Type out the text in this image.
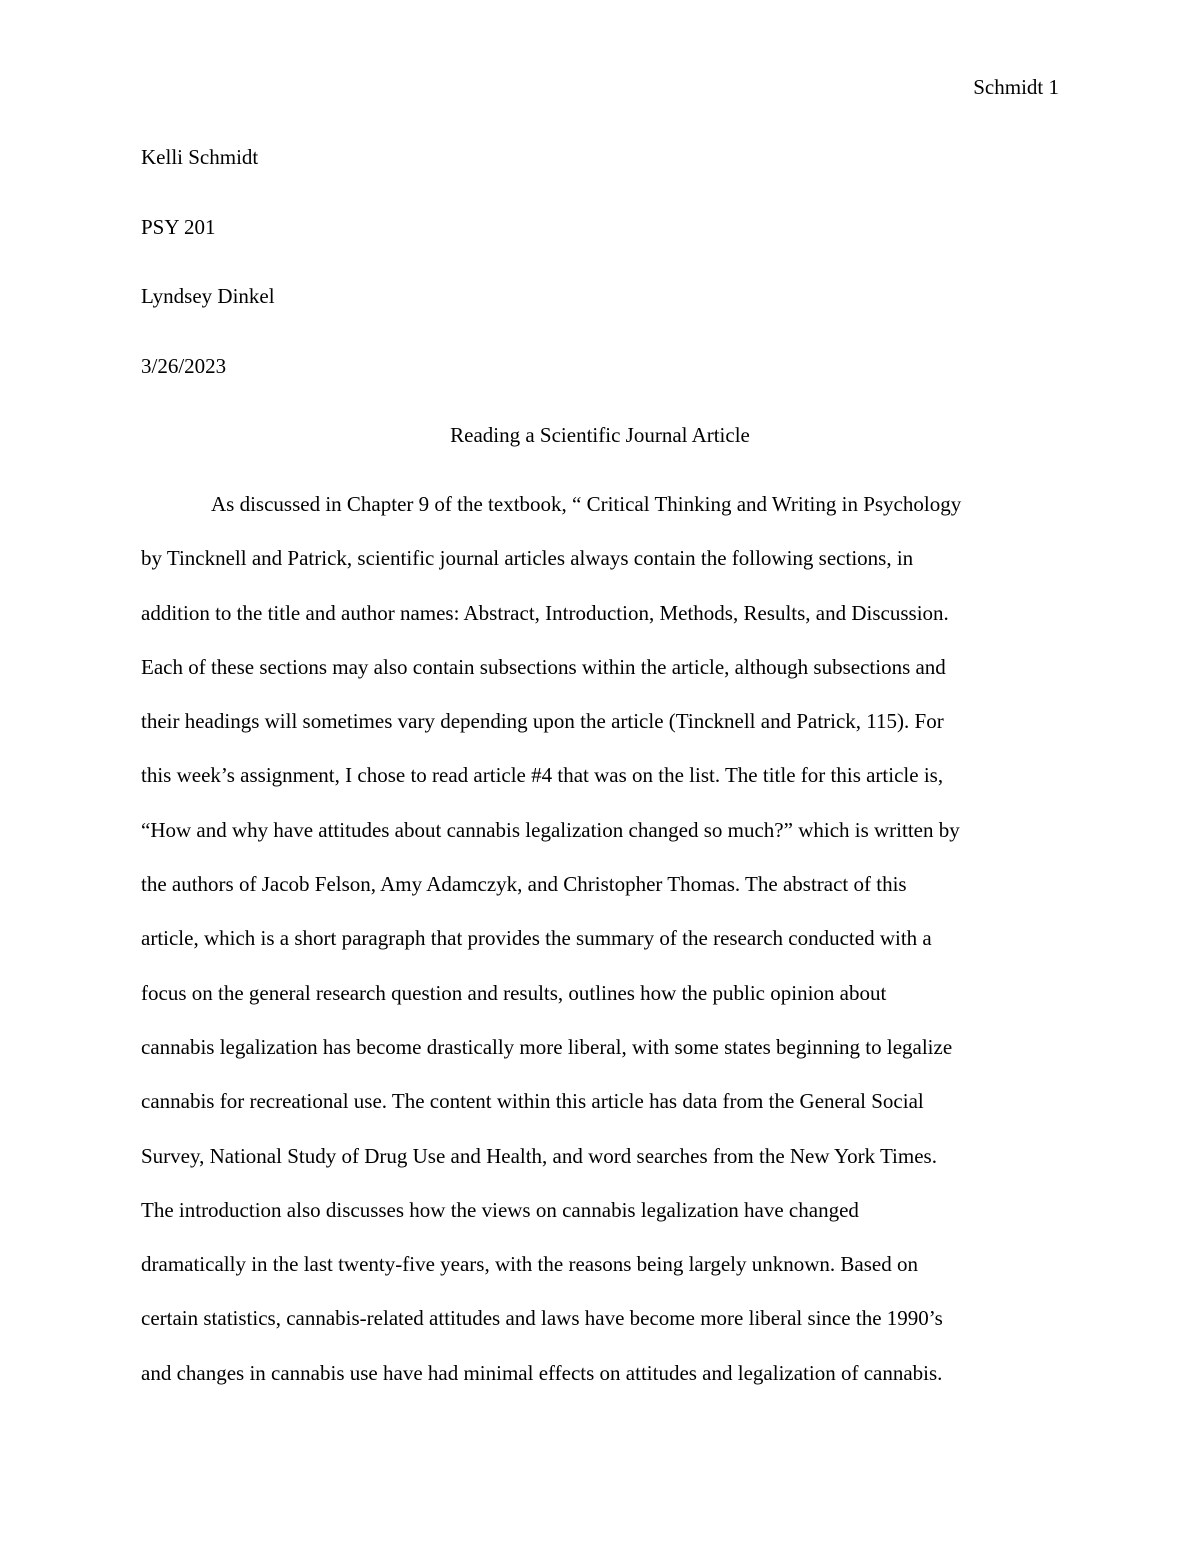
Schmidt 1
Kelli Schmidt
PSY 201
Lyndsey Dinkel
3/26/2023
Reading a Scientific Journal Article
As discussed in Chapter 9 of the textbook, “ Critical Thinking and Writing in Psychology
by Tincknell and Patrick, scientific journal articles always contain the following sections, in
addition to the title and author names: Abstract, Introduction, Methods, Results, and Discussion.
Each of these sections may also contain subsections within the article, although subsections and
their headings will sometimes vary depending upon the article (Tincknell and Patrick, 115). For
this week’s assignment, I chose to read article #4 that was on the list. The title for this article is,
“How and why have attitudes about cannabis legalization changed so much?” which is written by
the authors of Jacob Felson, Amy Adamczyk, and Christopher Thomas. The abstract of this
article, which is a short paragraph that provides the summary of the research conducted with a
focus on the general research question and results, outlines how the public opinion about
cannabis legalization has become drastically more liberal, with some states beginning to legalize
cannabis for recreational use. The content within this article has data from the General Social
Survey, National Study of Drug Use and Health, and word searches from the New York Times.
The introduction also discusses how the views on cannabis legalization have changed
dramatically in the last twenty-five years, with the reasons being largely unknown. Based on
certain statistics, cannabis-related attitudes and laws have become more liberal since the 1990’s
and changes in cannabis use have had minimal effects on attitudes and legalization of cannabis.
